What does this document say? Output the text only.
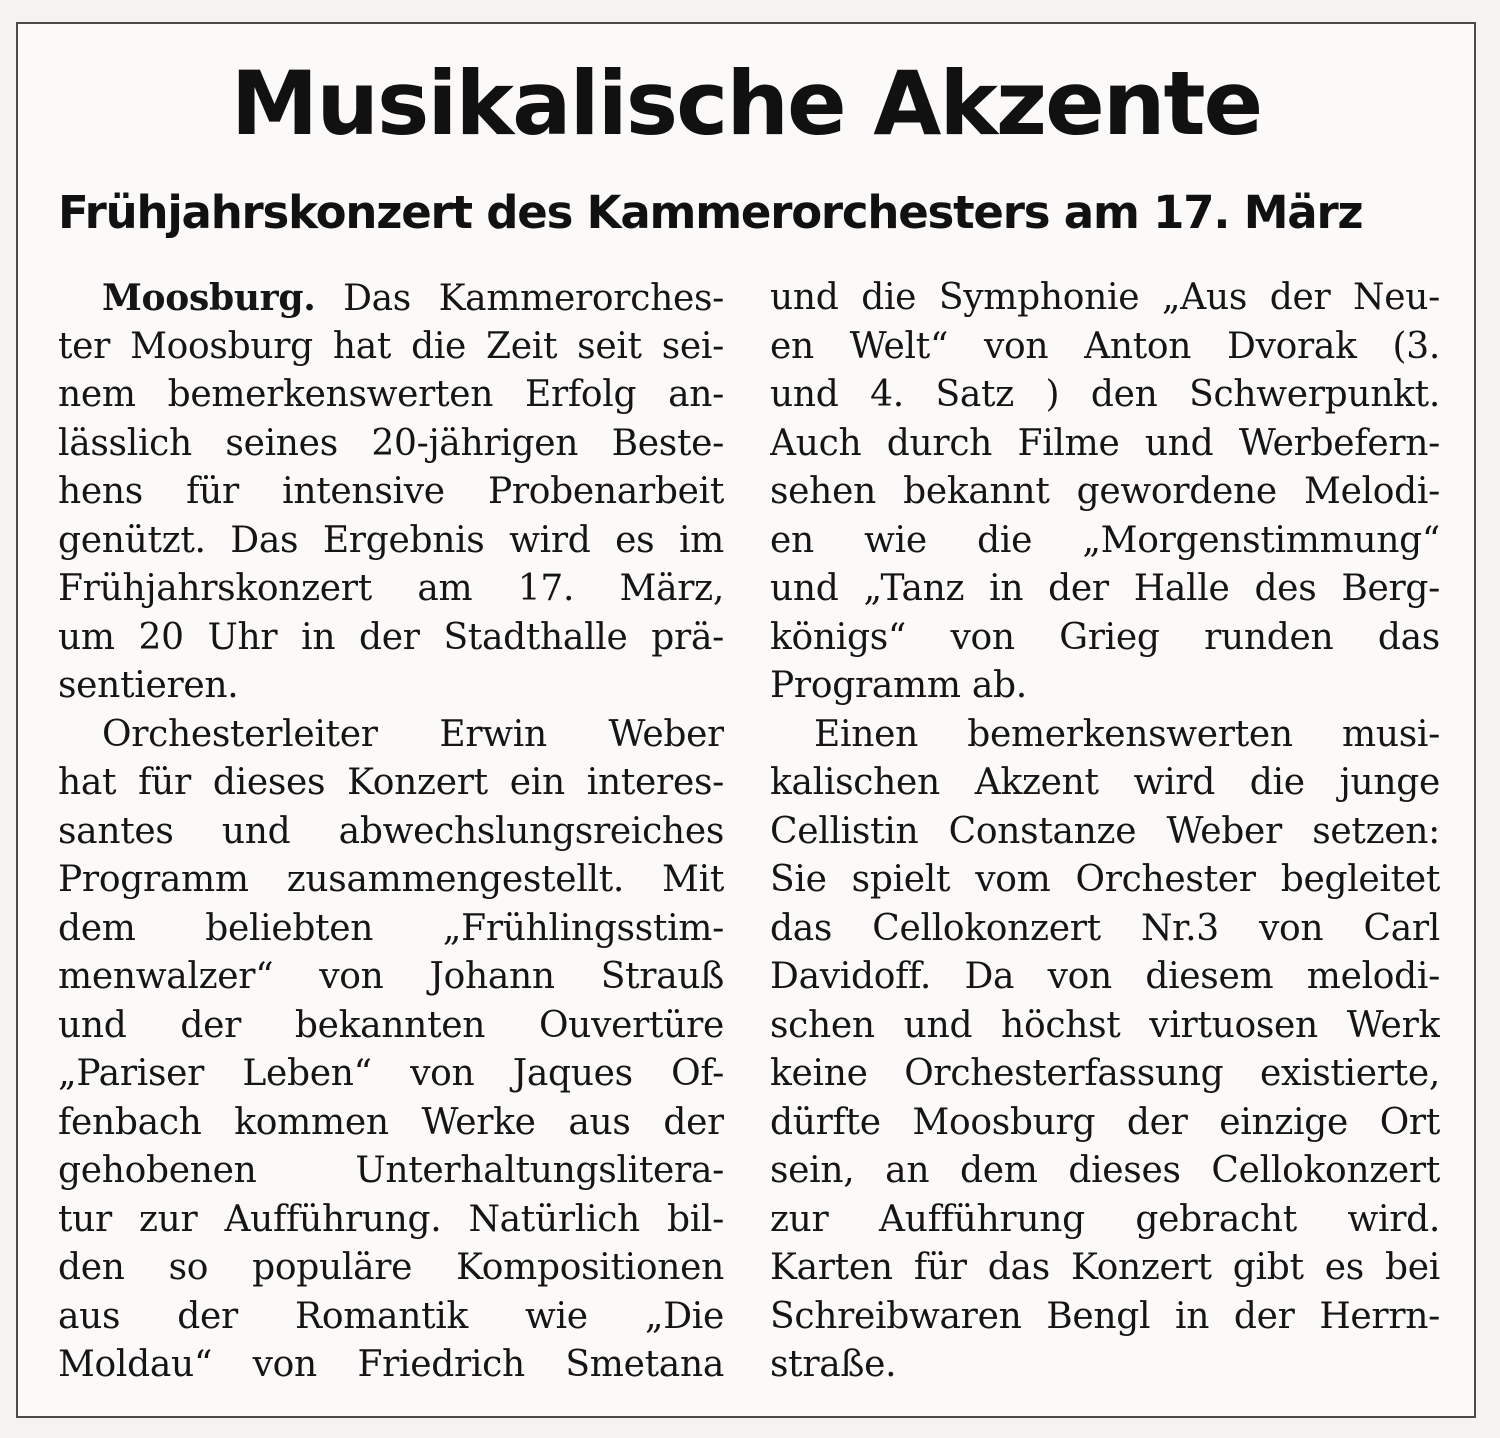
Musikalische Akzente
Frühjahrskonzert des Kammerorchesters am 17. März
Moosburg. Das Kammerorches-
ter Moosburg hat die Zeit seit sei-
nem bemerkenswerten Erfolg an-
lässlich seines 20-jährigen Beste-
hens für intensive Probenarbeit
genützt. Das Ergebnis wird es im
Frühjahrskonzert am 17. März,
um 20 Uhr in der Stadthalle prä-
sentieren.
Orchesterleiter Erwin Weber
hat für dieses Konzert ein interes-
santes und abwechslungsreiches
Programm zusammengestellt. Mit
dem beliebten „Frühlingsstim-
menwalzer“ von Johann Strauß
und der bekannten Ouvertüre
„Pariser Leben“ von Jaques Of-
fenbach kommen Werke aus der
gehobenen Unterhaltungslitera-
tur zur Aufführung. Natürlich bil-
den so populäre Kompositionen
aus der Romantik wie „Die
Moldau“ von Friedrich Smetana
und die Symphonie „Aus der Neu-
en Welt“ von Anton Dvorak (3.
und 4. Satz ) den Schwerpunkt.
Auch durch Filme und Werbefern-
sehen bekannt gewordene Melodi-
en wie die „Morgenstimmung“
und „Tanz in der Halle des Berg-
königs“ von Grieg runden das
Programm ab.
Einen bemerkenswerten musi-
kalischen Akzent wird die junge
Cellistin Constanze Weber setzen:
Sie spielt vom Orchester begleitet
das Cellokonzert Nr.3 von Carl
Davidoff. Da von diesem melodi-
schen und höchst virtuosen Werk
keine Orchesterfassung existierte,
dürfte Moosburg der einzige Ort
sein, an dem dieses Cellokonzert
zur Aufführung gebracht wird.
Karten für das Konzert gibt es bei
Schreibwaren Bengl in der Herrn-
straße.
